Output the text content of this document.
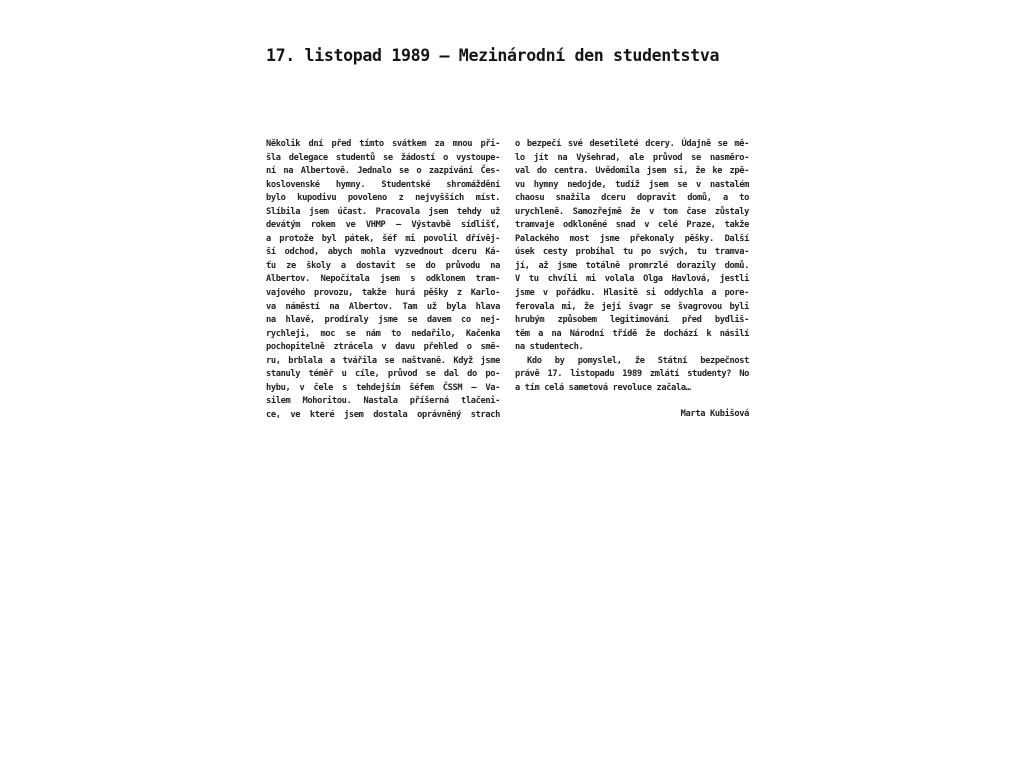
17. listopad 1989 – Mezinárodní den studentstva
Několik dní před tímto svátkem za mnou při-
šla delegace studentů se žádostí o vystoupe-
ní na Albertově. Jednalo se o zazpívání Čes-
koslovenské hymny. Studentské shromáždění
bylo kupodivu povoleno z nejvyšších míst.
Slíbila jsem účast. Pracovala jsem tehdy už
devátým rokem ve VHMP – Výstavbě sídlišť,
a protože byl pátek, šéf mi povolil dřívěj-
ší odchod, abych mohla vyzvednout dceru Ká-
ťu ze školy a dostavit se do průvodu na
Albertov. Nepočítala jsem s odklonem tram-
vajového provozu, takže hurá pěšky z Karlo-
va náměstí na Albertov. Tam už byla hlava
na hlavě, prodíraly jsme se davem co nej-
rychleji, moc se nám to nedařilo, Kačenka
pochopitelně ztrácela v davu přehled o smě-
ru, brblala a tvářila se naštvaně. Když jsme
stanuly téměř u cíle, průvod se dal do po-
hybu, v čele s tehdejším šéfem ČSSM – Va-
silem Mohoritou. Nastala příšerná tlačeni-
ce, ve které jsem dostala oprávněný strach
o bezpečí své desetileté dcery. Údajně se mě-
lo jít na Vyšehrad, ale průvod se nasměro-
val do centra. Uvědomila jsem si, že ke zpě-
vu hymny nedojde, tudíž jsem se v nastalém
chaosu snažila dceru dopravit domů, a to
urychleně. Samozřejmě že v tom čase zůstaly
tramvaje odkloněné snad v celé Praze, takže
Palackého most jsme překonaly pěšky. Další
úsek cesty probíhal tu po svých, tu tramva-
jí, až jsme totálně promrzlé dorazily domů.
V tu chvíli mi volala Olga Havlová, jestli
jsme v pořádku. Hlasitě si oddychla a pore-
ferovala mi, že její švagr se švagrovou byli
hrubým způsobem legitimováni před bydliš-
těm a na Národní třídě že dochází k násilí
na studentech.
Kdo by pomyslel, že Státní bezpečnost
právě 17. listopadu 1989 zmlátí studenty? No
a tím celá sametová revoluce začala…
Marta Kubišová
